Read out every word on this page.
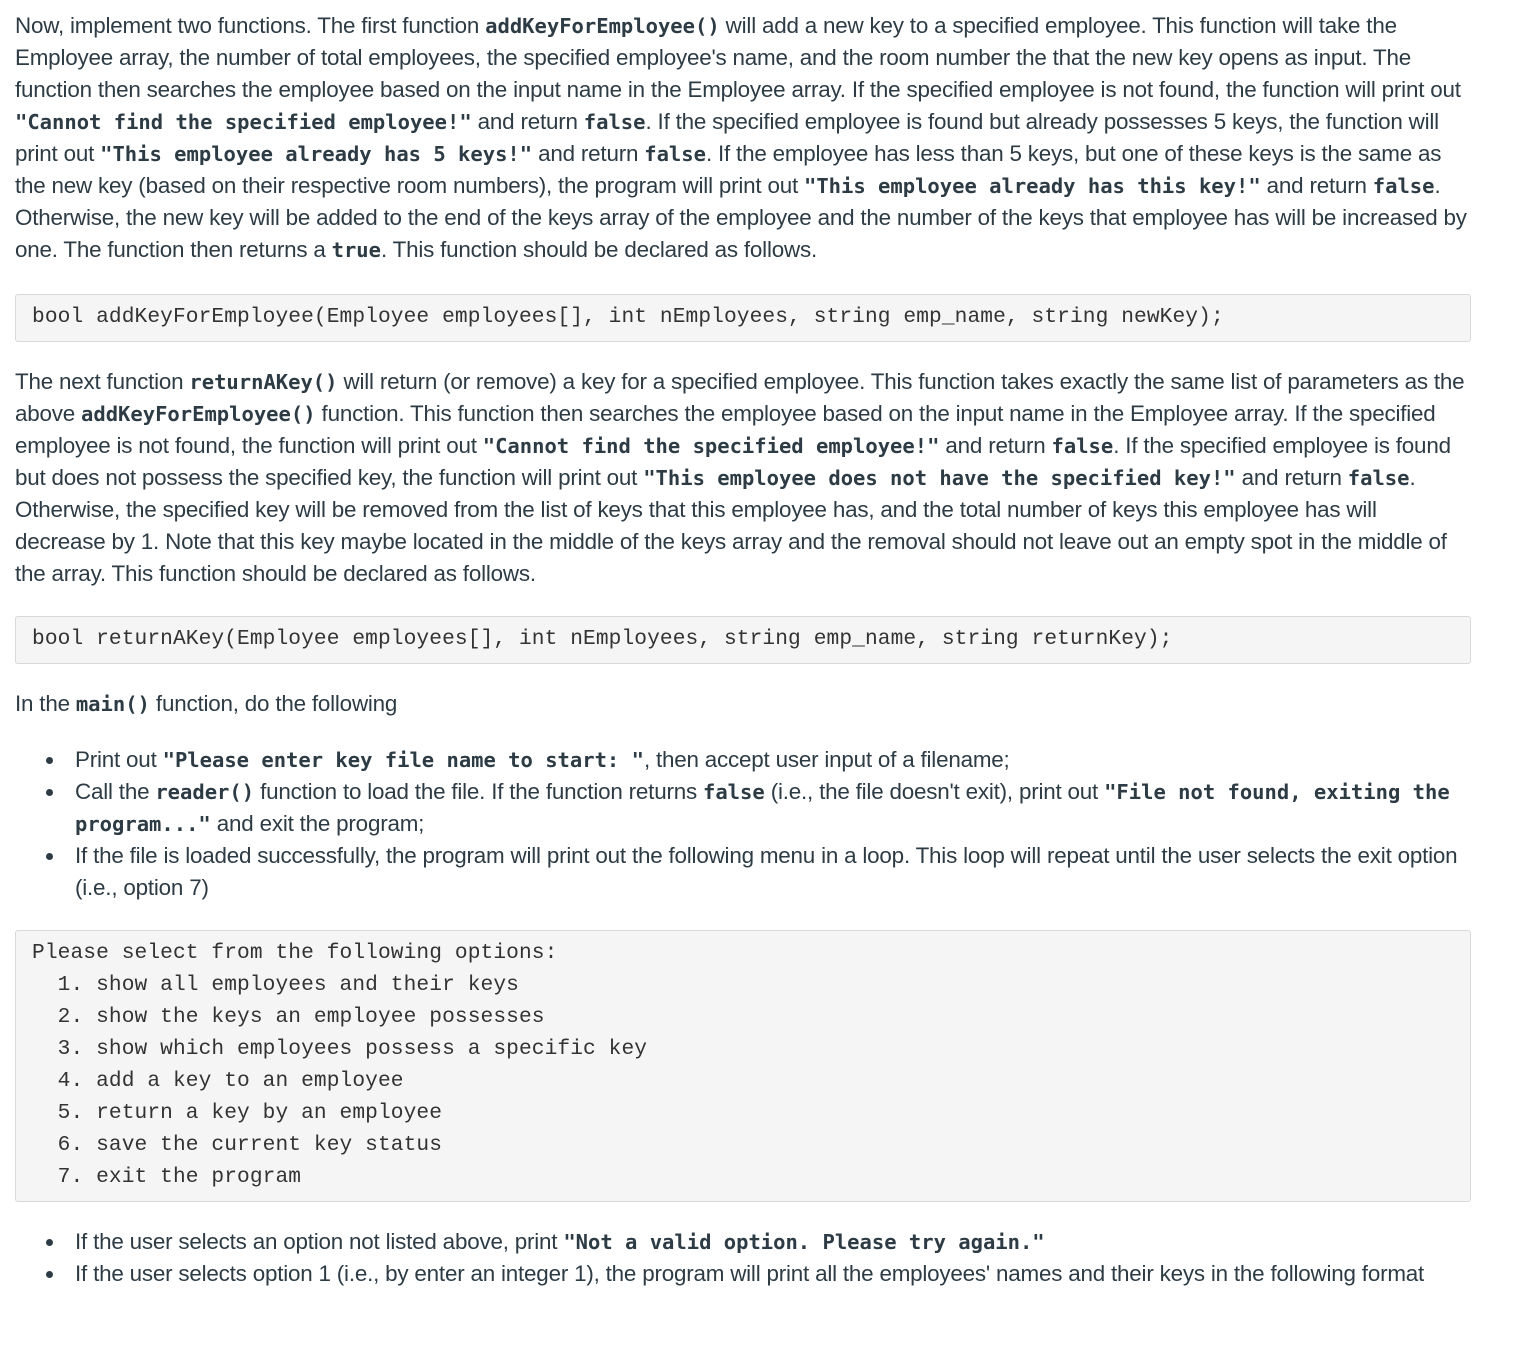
Now, implement two functions. The first function addKeyForEmployee() will add a new key to a specified employee. This function will take the Employee array, the number of total employees, the specified employee's name, and the room number the that the new key opens as input. The function then searches the employee based on the input name in the Employee array. If the specified employee is not found, the function will print out "Cannot find the specified employee!" and return false. If the specified employee is found but already possesses 5 keys, the function will print out "This employee already has 5 keys!" and return false. If the employee has less than 5 keys, but one of these keys is the same as the new key (based on their respective room numbers), the program will print out "This employee already has this key!" and return false. Otherwise, the new key will be added to the end of the keys array of the employee and the number of the keys that employee has will be increased by one. The function then returns a true. This function should be declared as follows.

bool addKeyForEmployee(Employee employees[], int nEmployees, string emp_name, string newKey);

The next function returnAKey() will return (or remove) a key for a specified employee. This function takes exactly the same list of parameters as the above addKeyForEmployee() function. This function then searches the employee based on the input name in the Employee array. If the specified employee is not found, the function will print out "Cannot find the specified employee!" and return false. If the specified employee is found but does not possess the specified key, the function will print out "This employee does not have the specified key!" and return false. Otherwise, the specified key will be removed from the list of keys that this employee has, and the total number of keys this employee has will decrease by 1. Note that this key maybe located in the middle of the keys array and the removal should not leave out an empty spot in the middle of the array. This function should be declared as follows.

bool returnAKey(Employee employees[], int nEmployees, string emp_name, string returnKey);

In the main() function, do the following

Print out "Please enter key file name to start: ", then accept user input of a filename;
Call the reader() function to load the file. If the function returns false (i.e., the file doesn't exit), print out "File not found, exiting the program..." and exit the program;
If the file is loaded successfully, the program will print out the following menu in a loop. This loop will repeat until the user selects the exit option (i.e., option 7)
Please select from the following options:
1. show all employees and their keys
2. show the keys an employee possesses
3. show which employees possess a specific key
4. add a key to an employee
5. return a key by an employee
6. save the current key status
7. exit the program
If the user selects an option not listed above, print "Not a valid option. Please try again."
If the user selects option 1 (i.e., by enter an integer 1), the program will print all the employees' names and their keys in the following format
